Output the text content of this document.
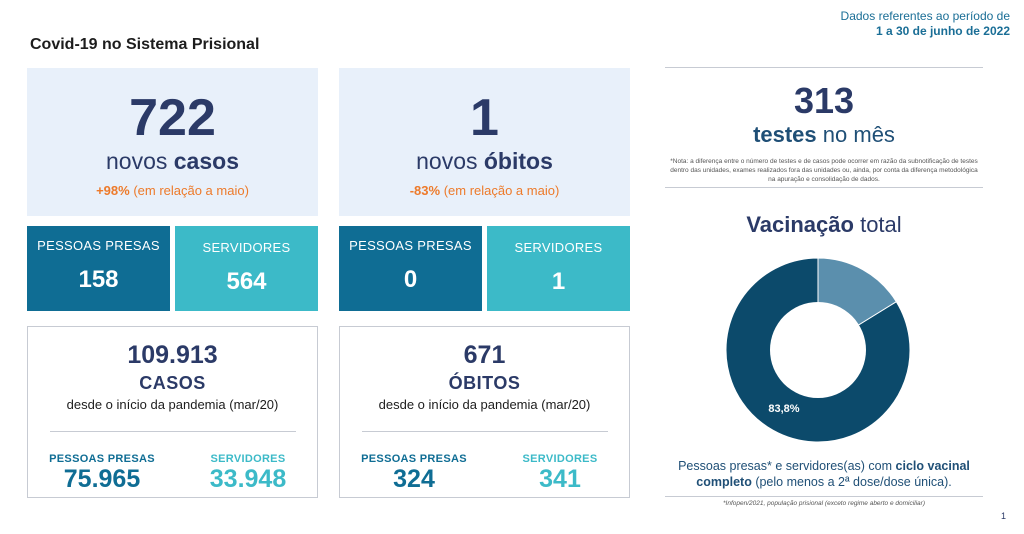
Dados referentes ao período de
1 a 30 de junho de 2022
Covid-19 no Sistema Prisional
722
novos casos
+98% (em relação a maio)
1
novos óbitos
-83% (em relação a maio)
PESSOAS PRESAS
158
SERVIDORES
564
PESSOAS PRESAS
0
SERVIDORES
1
109.913
CASOS
desde o início da pandemia (mar/20)
PESSOAS PRESAS
75.965
SERVIDORES
33.948
671
ÓBITOS
desde o início da pandemia (mar/20)
PESSOAS PRESAS
324
SERVIDORES
341
313
testes no mês
*Nota: a diferença entre o número de testes e de casos pode ocorrer em razão da subnotificação de testes dentro das unidades, exames realizados fora das unidades ou, ainda, por conta da diferença metodológica na apuração e consolidação de dados.
Vacinação total
83,8%
Pessoas presas* e servidores(as) com ciclo vacinal completo (pelo menos a 2ª dose/dose única).
*Infopen/2021, população prisional (exceto regime aberto e domiciliar)
1
